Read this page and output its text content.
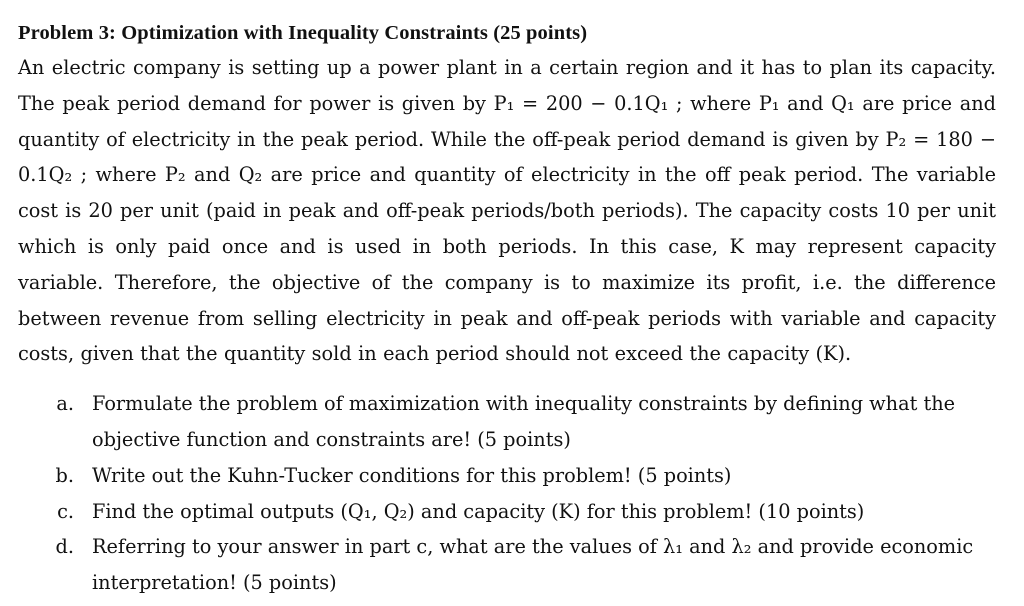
Problem 3: Optimization with Inequality Constraints (25 points)

An electric company is setting up a power plant in a certain region and it has to plan its capacity. The peak period demand for power is given by P₁ = 200 − 0.1Q₁ ; where P₁ and Q₁ are price and quantity of electricity in the peak period. While the off-peak period demand is given by P₂ = 180 − 0.1Q₂ ; where P₂ and Q₂ are price and quantity of electricity in the off peak period. The variable cost is 20 per unit (paid in peak and off-peak periods/both periods). The capacity costs 10 per unit which is only paid once and is used in both periods. In this case, K may represent capacity variable. Therefore, the objective of the company is to maximize its profit, i.e. the difference between revenue from selling electricity in peak and off-peak periods with variable and capacity costs, given that the quantity sold in each period should not exceed the capacity (K).

a. Formulate the problem of maximization with inequality constraints by defining what the objective function and constraints are! (5 points)
b. Write out the Kuhn-Tucker conditions for this problem! (5 points)
c. Find the optimal outputs (Q₁, Q₂) and capacity (K) for this problem! (10 points)
d. Referring to your answer in part c, what are the values of λ₁ and λ₂ and provide economic interpretation! (5 points)
